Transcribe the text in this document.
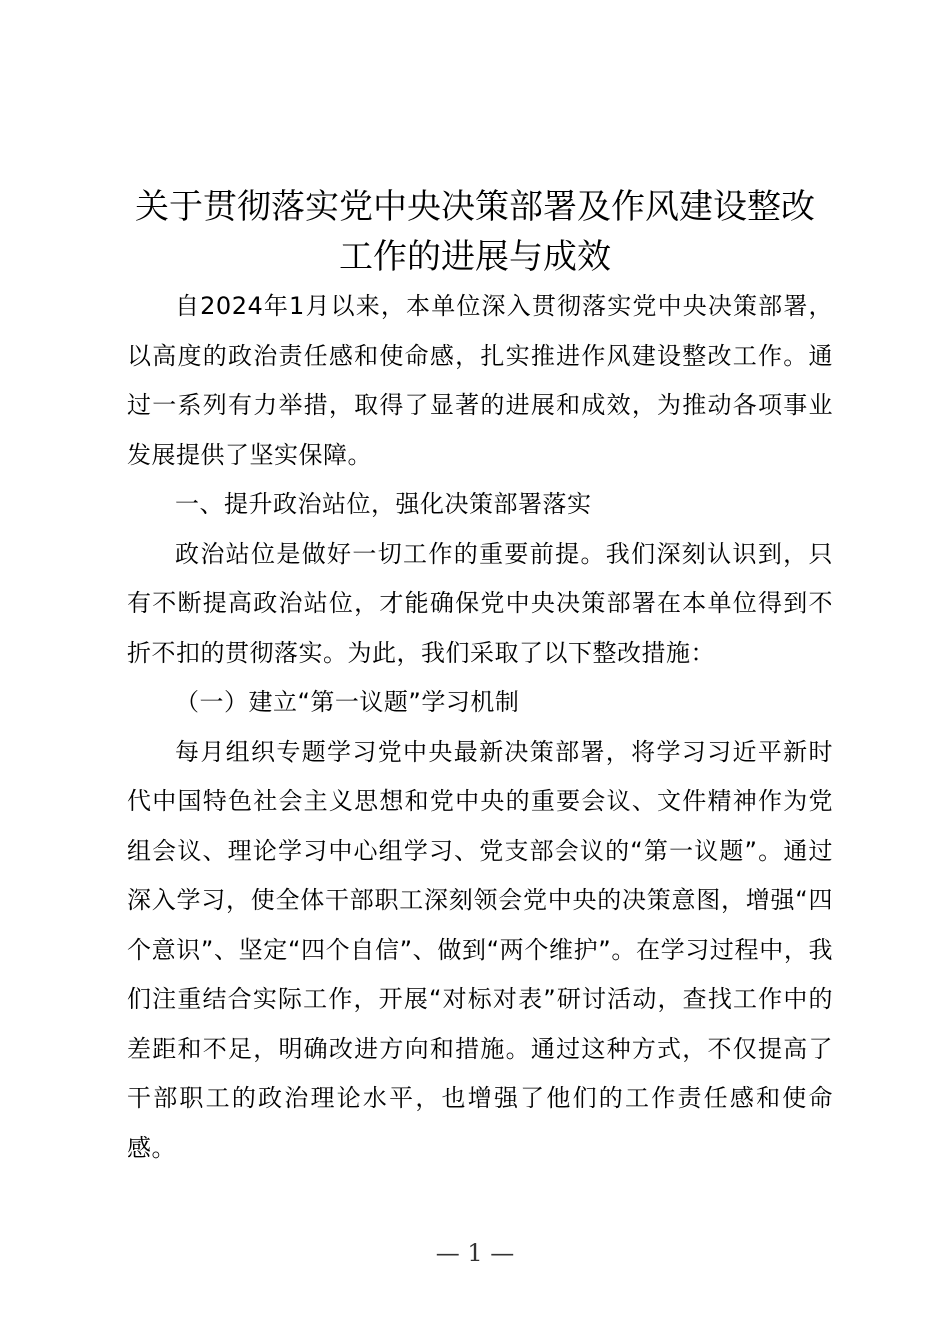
关于贯彻落实党中央决策部署及作风建设整改
工作的进展与成效

自2024年1月以来，本单位深入贯彻落实党中央决策部署，以高度的政治责任感和使命感，扎实推进作风建设整改工作。通过一系列有力举措，取得了显著的进展和成效，为推动各项事业发展提供了坚实保障。

一、提升政治站位，强化决策部署落实

政治站位是做好一切工作的重要前提。我们深刻认识到，只有不断提高政治站位，才能确保党中央决策部署在本单位得到不折不扣的贯彻落实。为此，我们采取了以下整改措施：

（一）建立“第一议题”学习机制

每月组织专题学习党中央最新决策部署，将学习习近平新时代中国特色社会主义思想和党中央的重要会议、文件精神作为党组会议、理论学习中心组学习、党支部会议的“第一议题”。通过深入学习，使全体干部职工深刻领会党中央的决策意图，增强“四个意识”、坚定“四个自信”、做到“两个维护”。在学习过程中，我们注重结合实际工作，开展“对标对表”研讨活动，查找工作中的差距和不足，明确改进方向和措施。通过这种方式，不仅提高了干部职工的政治理论水平，也增强了他们的工作责任感和使命感。

— 1 —
